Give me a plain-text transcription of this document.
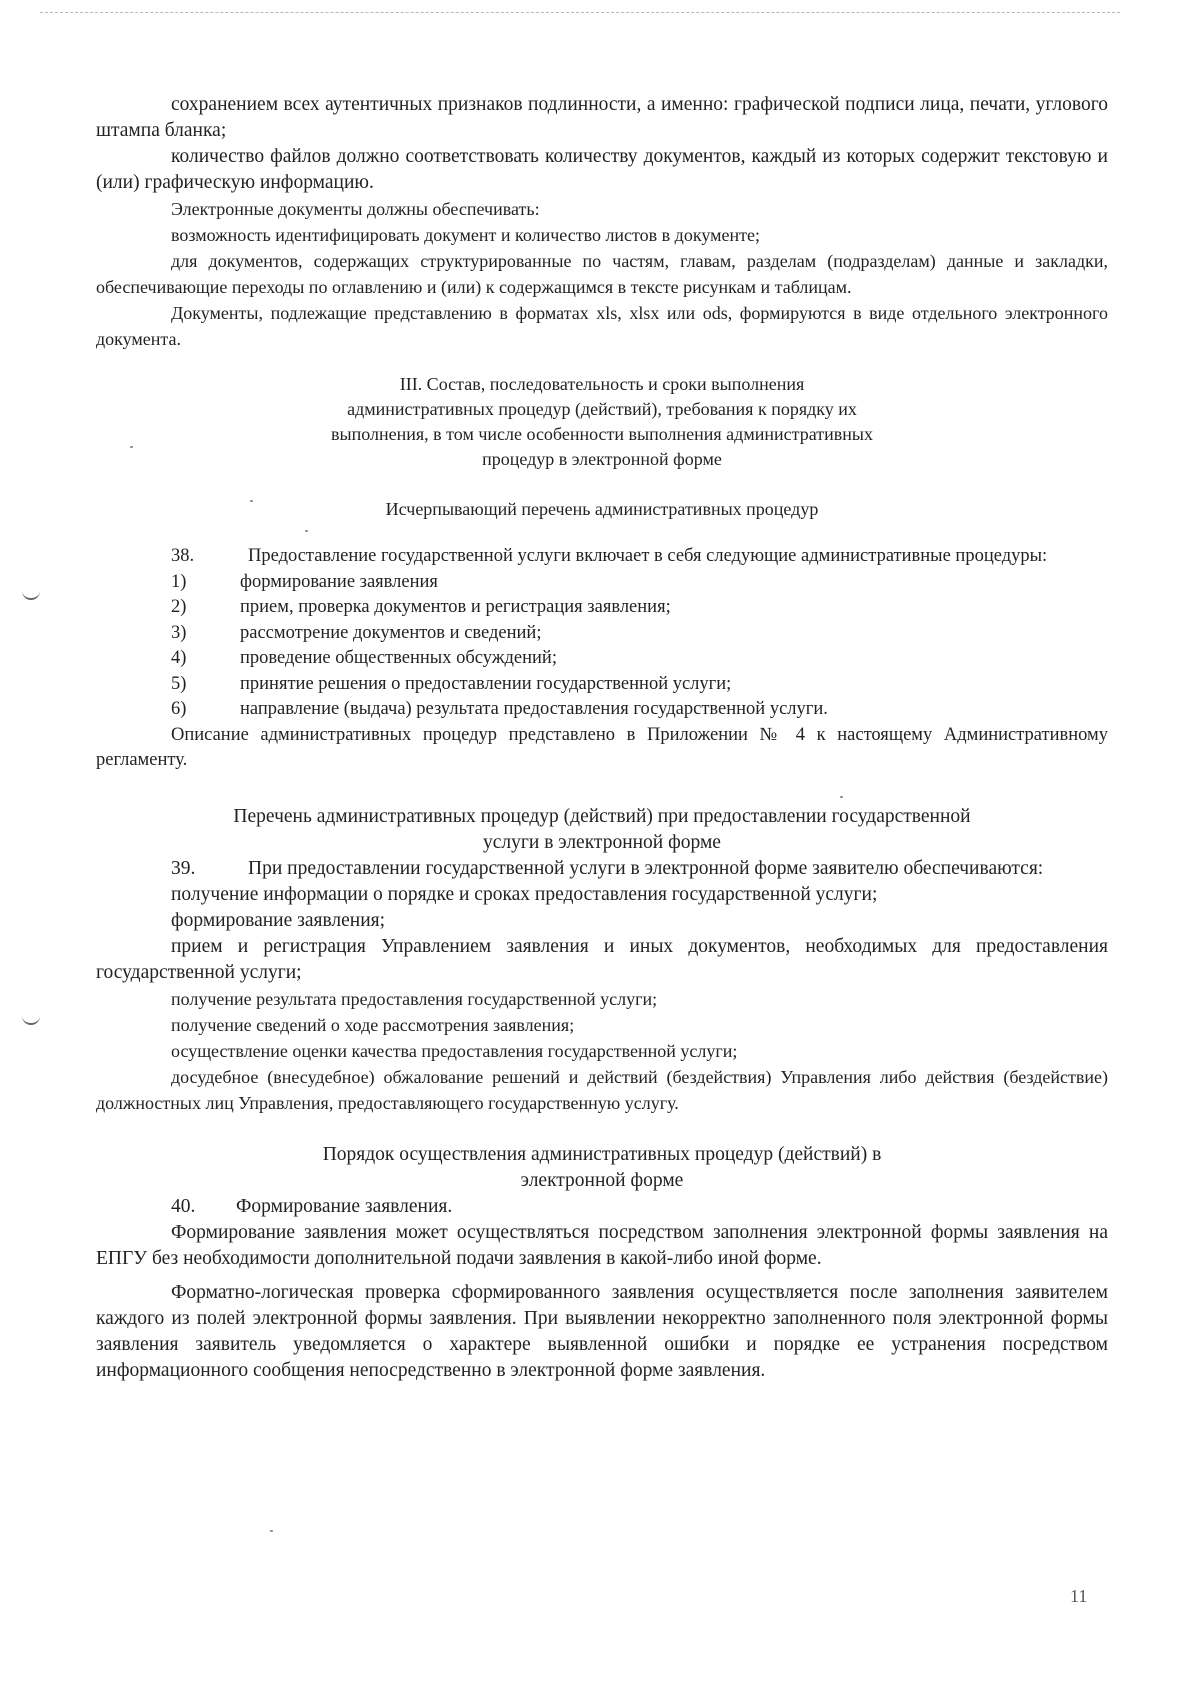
сохранением всех аутентичных признаков подлинности, а именно: графической подписи лица, печати, углового штампа бланка;

количество файлов должно соответствовать количеству документов, каждый из которых содержит текстовую и (или) графическую информацию.

Электронные документы должны обеспечивать:

возможность идентифицировать документ и количество листов в документе;

для документов, содержащих структурированные по частям, главам, разделам (подразделам) данные и закладки, обеспечивающие переходы по оглавлению и (или) к содержащимся в тексте рисункам и таблицам.

Документы, подлежащие представлению в форматах xls, xlsx или ods, формируются в виде отдельного электронного документа.

III. Состав, последовательность и сроки выполнения
административных процедур (действий), требования к порядку их
выполнения, в том числе особенности выполнения административных
процедур в электронной форме
Исчерпывающий перечень административных процедур
38.	Предоставление государственной услуги включает в себя следующие административные процедуры:
1)	формирование заявления
2)	прием, проверка документов и регистрация заявления;
3)	рассмотрение документов и сведений;
4)	проведение общественных обсуждений;
5)	принятие решения о предоставлении государственной услуги;
6)	направление (выдача) результата предоставления государственной услуги.

Описание административных процедур представлено в Приложении № 4 к настоящему Административному регламенту.

Перечень административных процедур (действий) при предоставлении государственной
услуги в электронной форме
39.	При предоставлении государственной услуги в электронной форме заявителю обеспечиваются:

получение информации о порядке и сроках предоставления государственной услуги;

формирование заявления;

прием и регистрация Управлением заявления и иных документов, необходимых для предоставления государственной услуги;

получение результата предоставления государственной услуги;

получение сведений о ходе рассмотрения заявления;

осуществление оценки качества предоставления государственной услуги;

досудебное (внесудебное) обжалование решений и действий (бездействия) Управления либо действия (бездействие) должностных лиц Управления, предоставляющего государственную услугу.

Порядок осуществления административных процедур (действий) в
электронной форме
40.	Формирование заявления.

Формирование заявления может осуществляться посредством заполнения электронной формы заявления на ЕПГУ без необходимости дополнительной подачи заявления в какой-либо иной форме.

Форматно-логическая проверка сформированного заявления осуществляется после заполнения заявителем каждого из полей электронной формы заявления. При выявлении некорректно заполненного поля электронной формы заявления заявитель уведомляется о характере выявленной ошибки и порядке ее устранения посредством информационного сообщения непосредственно в электронной форме заявления.

11
